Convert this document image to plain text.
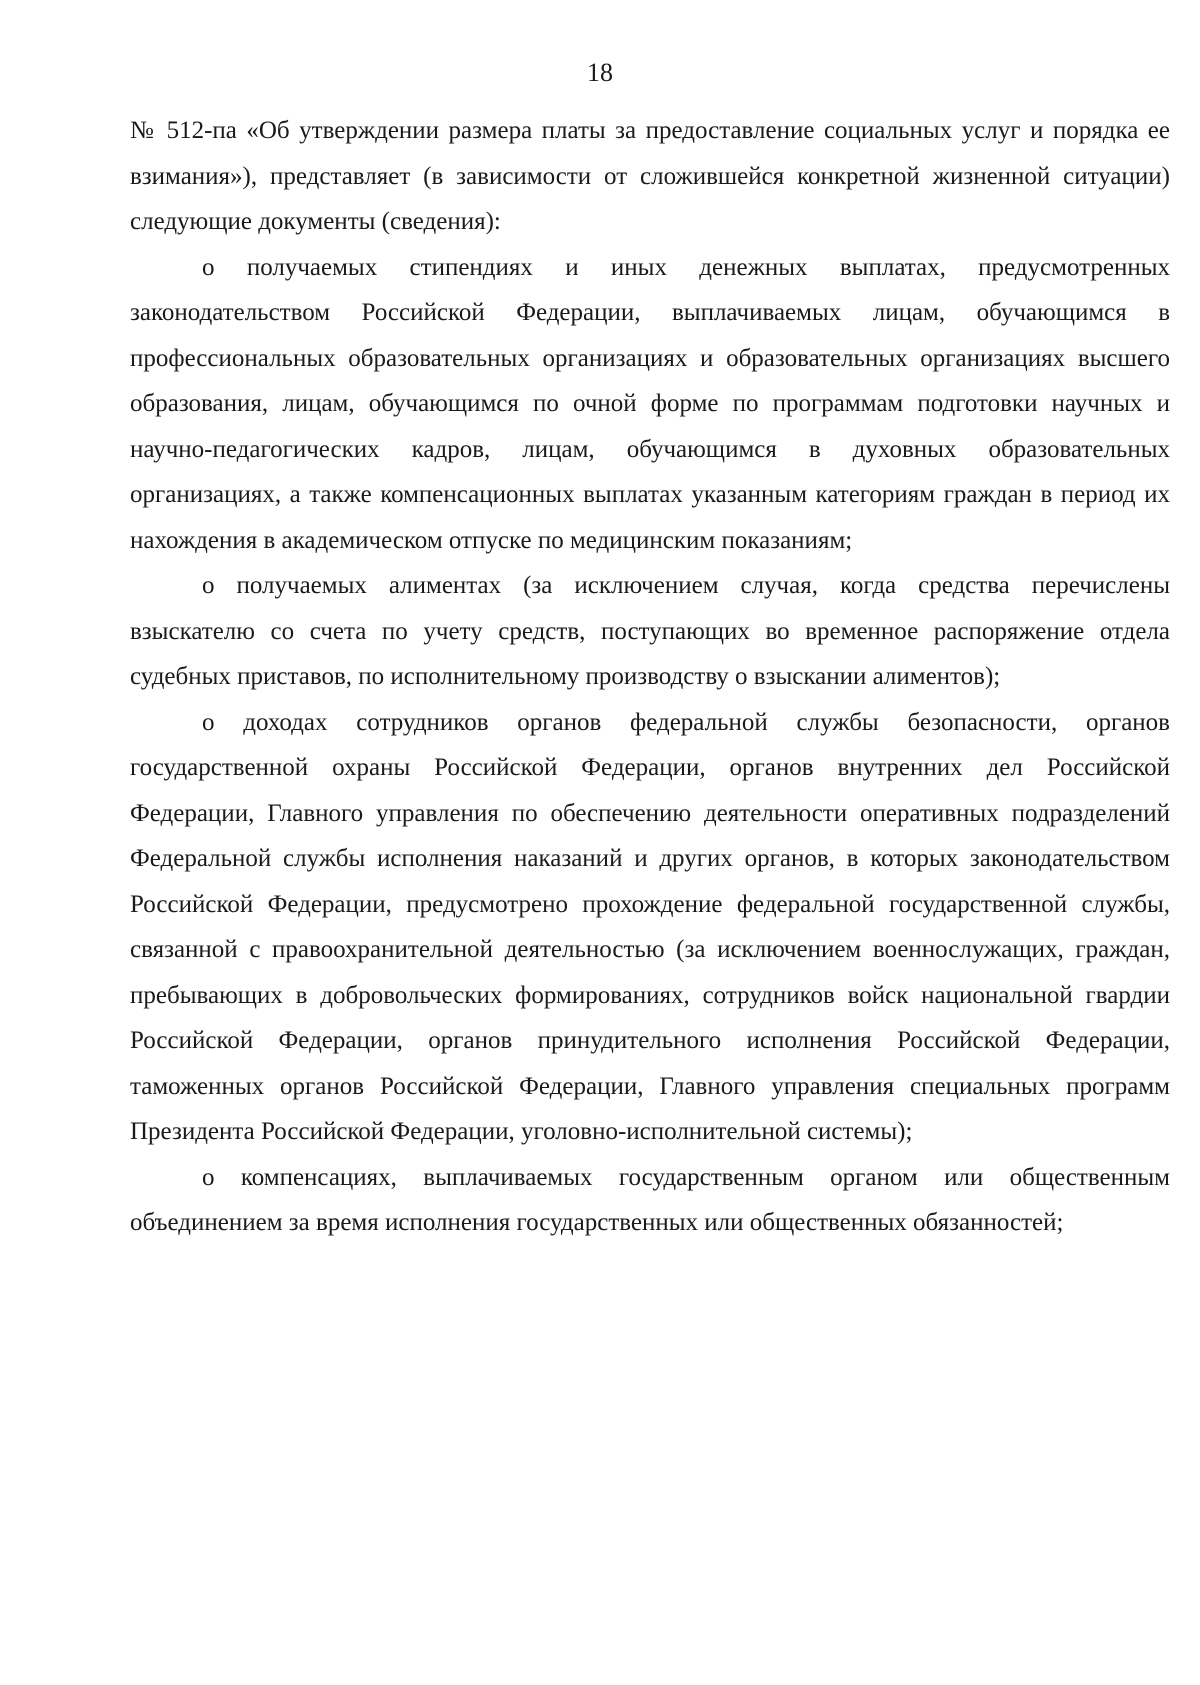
18

№ 512-па «Об утверждении размера платы за предоставление социальных услуг и порядка ее взимания»), представляет (в зависимости от сложившейся конкретной жизненной ситуации) следующие документы (сведения):

о получаемых стипендиях и иных денежных выплатах, предусмотренных законодательством Российской Федерации, выплачиваемых лицам, обучающимся в профессиональных образовательных организациях и образовательных организациях высшего образования, лицам, обучающимся по очной форме по программам подготовки научных и научно-педагогических кадров, лицам, обучающимся в духовных образовательных организациях, а также компенсационных выплатах указанным категориям граждан в период их нахождения в академическом отпуске по медицинским показаниям;

о получаемых алиментах (за исключением случая, когда средства перечислены взыскателю со счета по учету средств, поступающих во временное распоряжение отдела судебных приставов, по исполнительному производству о взыскании алиментов);

о доходах сотрудников органов федеральной службы безопасности, органов государственной охраны Российской Федерации, органов внутренних дел Российской Федерации, Главного управления по обеспечению деятельности оперативных подразделений Федеральной службы исполнения наказаний и других органов, в которых законодательством Российской Федерации, предусмотрено прохождение федеральной государственной службы, связанной с правоохранительной деятельностью (за исключением военнослужащих, граждан, пребывающих в добровольческих формированиях, сотрудников войск национальной гвардии Российской Федерации, органов принудительного исполнения Российской Федерации, таможенных органов Российской Федерации, Главного управления специальных программ Президента Российской Федерации, уголовно-исполнительной системы);

о компенсациях, выплачиваемых государственным органом или общественным объединением за время исполнения государственных или общественных обязанностей;
